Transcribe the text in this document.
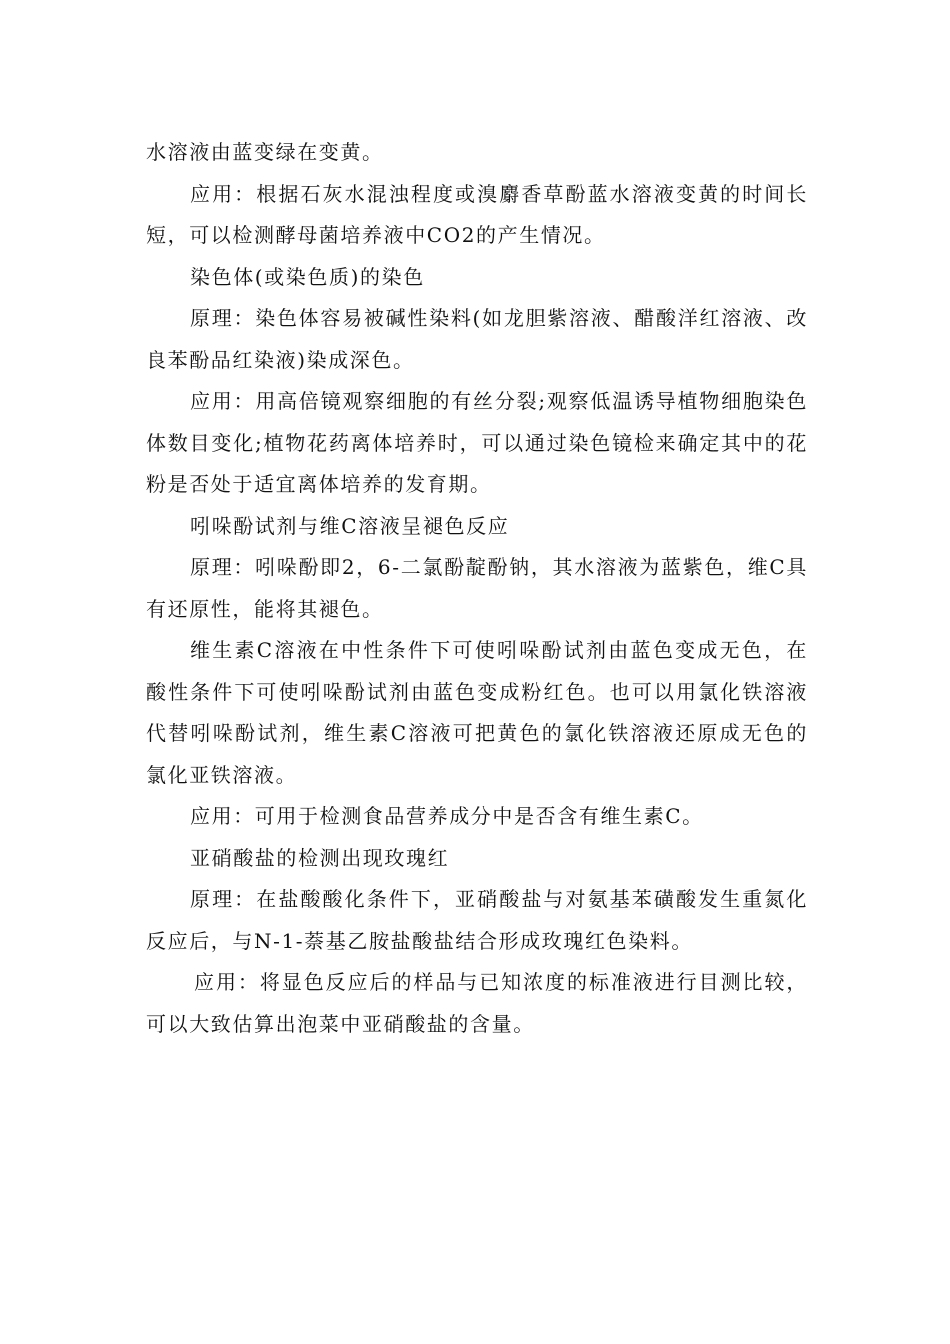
水溶液由蓝变绿在变黄。

应用：根据石灰水混浊程度或溴麝香草酚蓝水溶液变黄的时间长短，可以检测酵母菌培养液中CO2的产生情况。

染色体(或染色质)的染色

原理：染色体容易被碱性染料(如龙胆紫溶液、醋酸洋红溶液、改良苯酚品红染液)染成深色。

应用：用高倍镜观察细胞的有丝分裂;观察低温诱导植物细胞染色体数目变化;植物花药离体培养时，可以通过染色镜检来确定其中的花粉是否处于适宜离体培养的发育期。

吲哚酚试剂与维C溶液呈褪色反应

原理：吲哚酚即2，6-二氯酚靛酚钠，其水溶液为蓝紫色，维C具有还原性，能将其褪色。

维生素C溶液在中性条件下可使吲哚酚试剂由蓝色变成无色，在酸性条件下可使吲哚酚试剂由蓝色变成粉红色。也可以用氯化铁溶液代替吲哚酚试剂，维生素C溶液可把黄色的氯化铁溶液还原成无色的氯化亚铁溶液。

应用：可用于检测食品营养成分中是否含有维生素C。

亚硝酸盐的检测出现玫瑰红

原理：在盐酸酸化条件下，亚硝酸盐与对氨基苯磺酸发生重氮化反应后，与N-1-萘基乙胺盐酸盐结合形成玫瑰红色染料。

应用：将显色反应后的样品与已知浓度的标准液进行目测比较，可以大致估算出泡菜中亚硝酸盐的含量。
